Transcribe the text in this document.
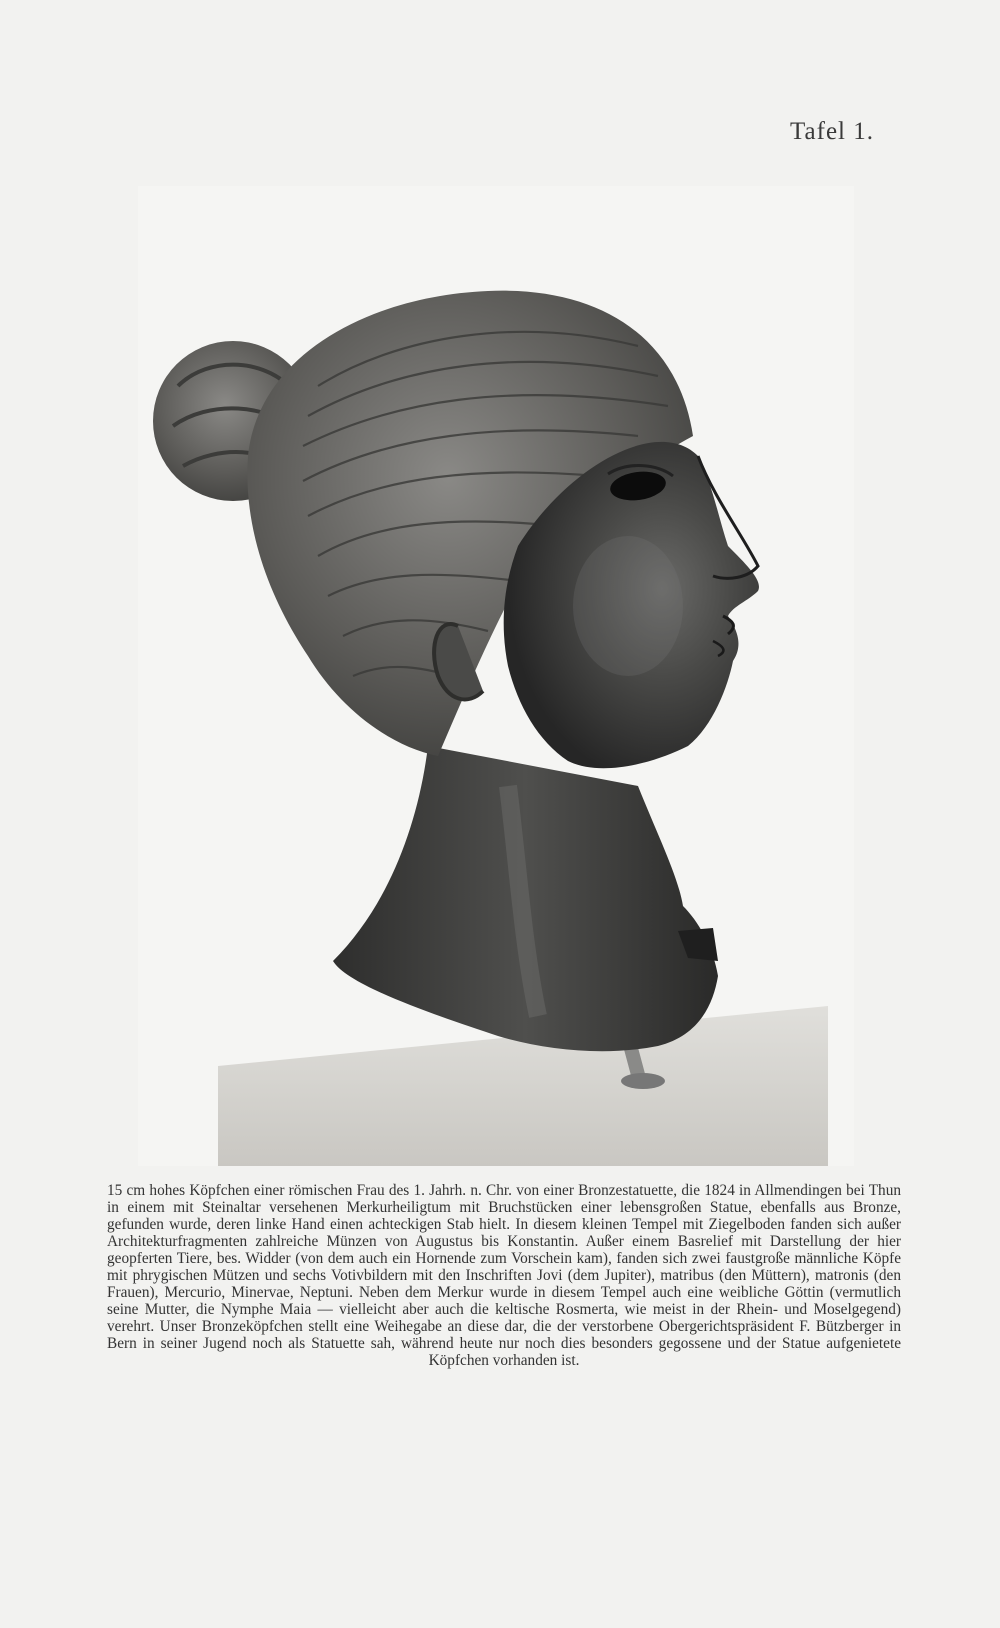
Tafel 1.
15 cm hohes Köpfchen einer römischen Frau des 1. Jahrh. n. Chr. von einer Bronzestatuette, die 1824 in Allmendingen bei Thun in einem mit Steinaltar versehenen Merkurheiligtum mit Bruchstücken einer lebensgroßen Statue, ebenfalls aus Bronze, gefunden wurde, deren linke Hand einen achteckigen Stab hielt. In diesem kleinen Tempel mit Ziegelboden fanden sich außer Architekturfragmenten zahlreiche Münzen von Augustus bis Konstantin. Außer einem Basrelief mit Darstellung der hier geopferten Tiere, bes. Widder (von dem auch ein Hornende zum Vorschein kam), fanden sich zwei faustgroße männliche Köpfe mit phrygischen Mützen und sechs Votivbildern mit den Inschriften Jovi (dem Jupiter), matribus (den Müttern), matronis (den Frauen), Mercurio, Minervae, Neptuni. Neben dem Merkur wurde in diesem Tempel auch eine weibliche Göttin (vermutlich seine Mutter, die Nymphe Maia — vielleicht aber auch die keltische Rosmerta, wie meist in der Rhein- und Moselgegend) verehrt. Unser Bronzeköpfchen stellt eine Weihegabe an diese dar, die der verstorbene Obergerichtspräsident F. Bützberger in Bern in seiner Jugend noch als Statuette sah, während heute nur noch dies besonders gegossene und der Statue aufgenietete Köpfchen vorhanden ist.
